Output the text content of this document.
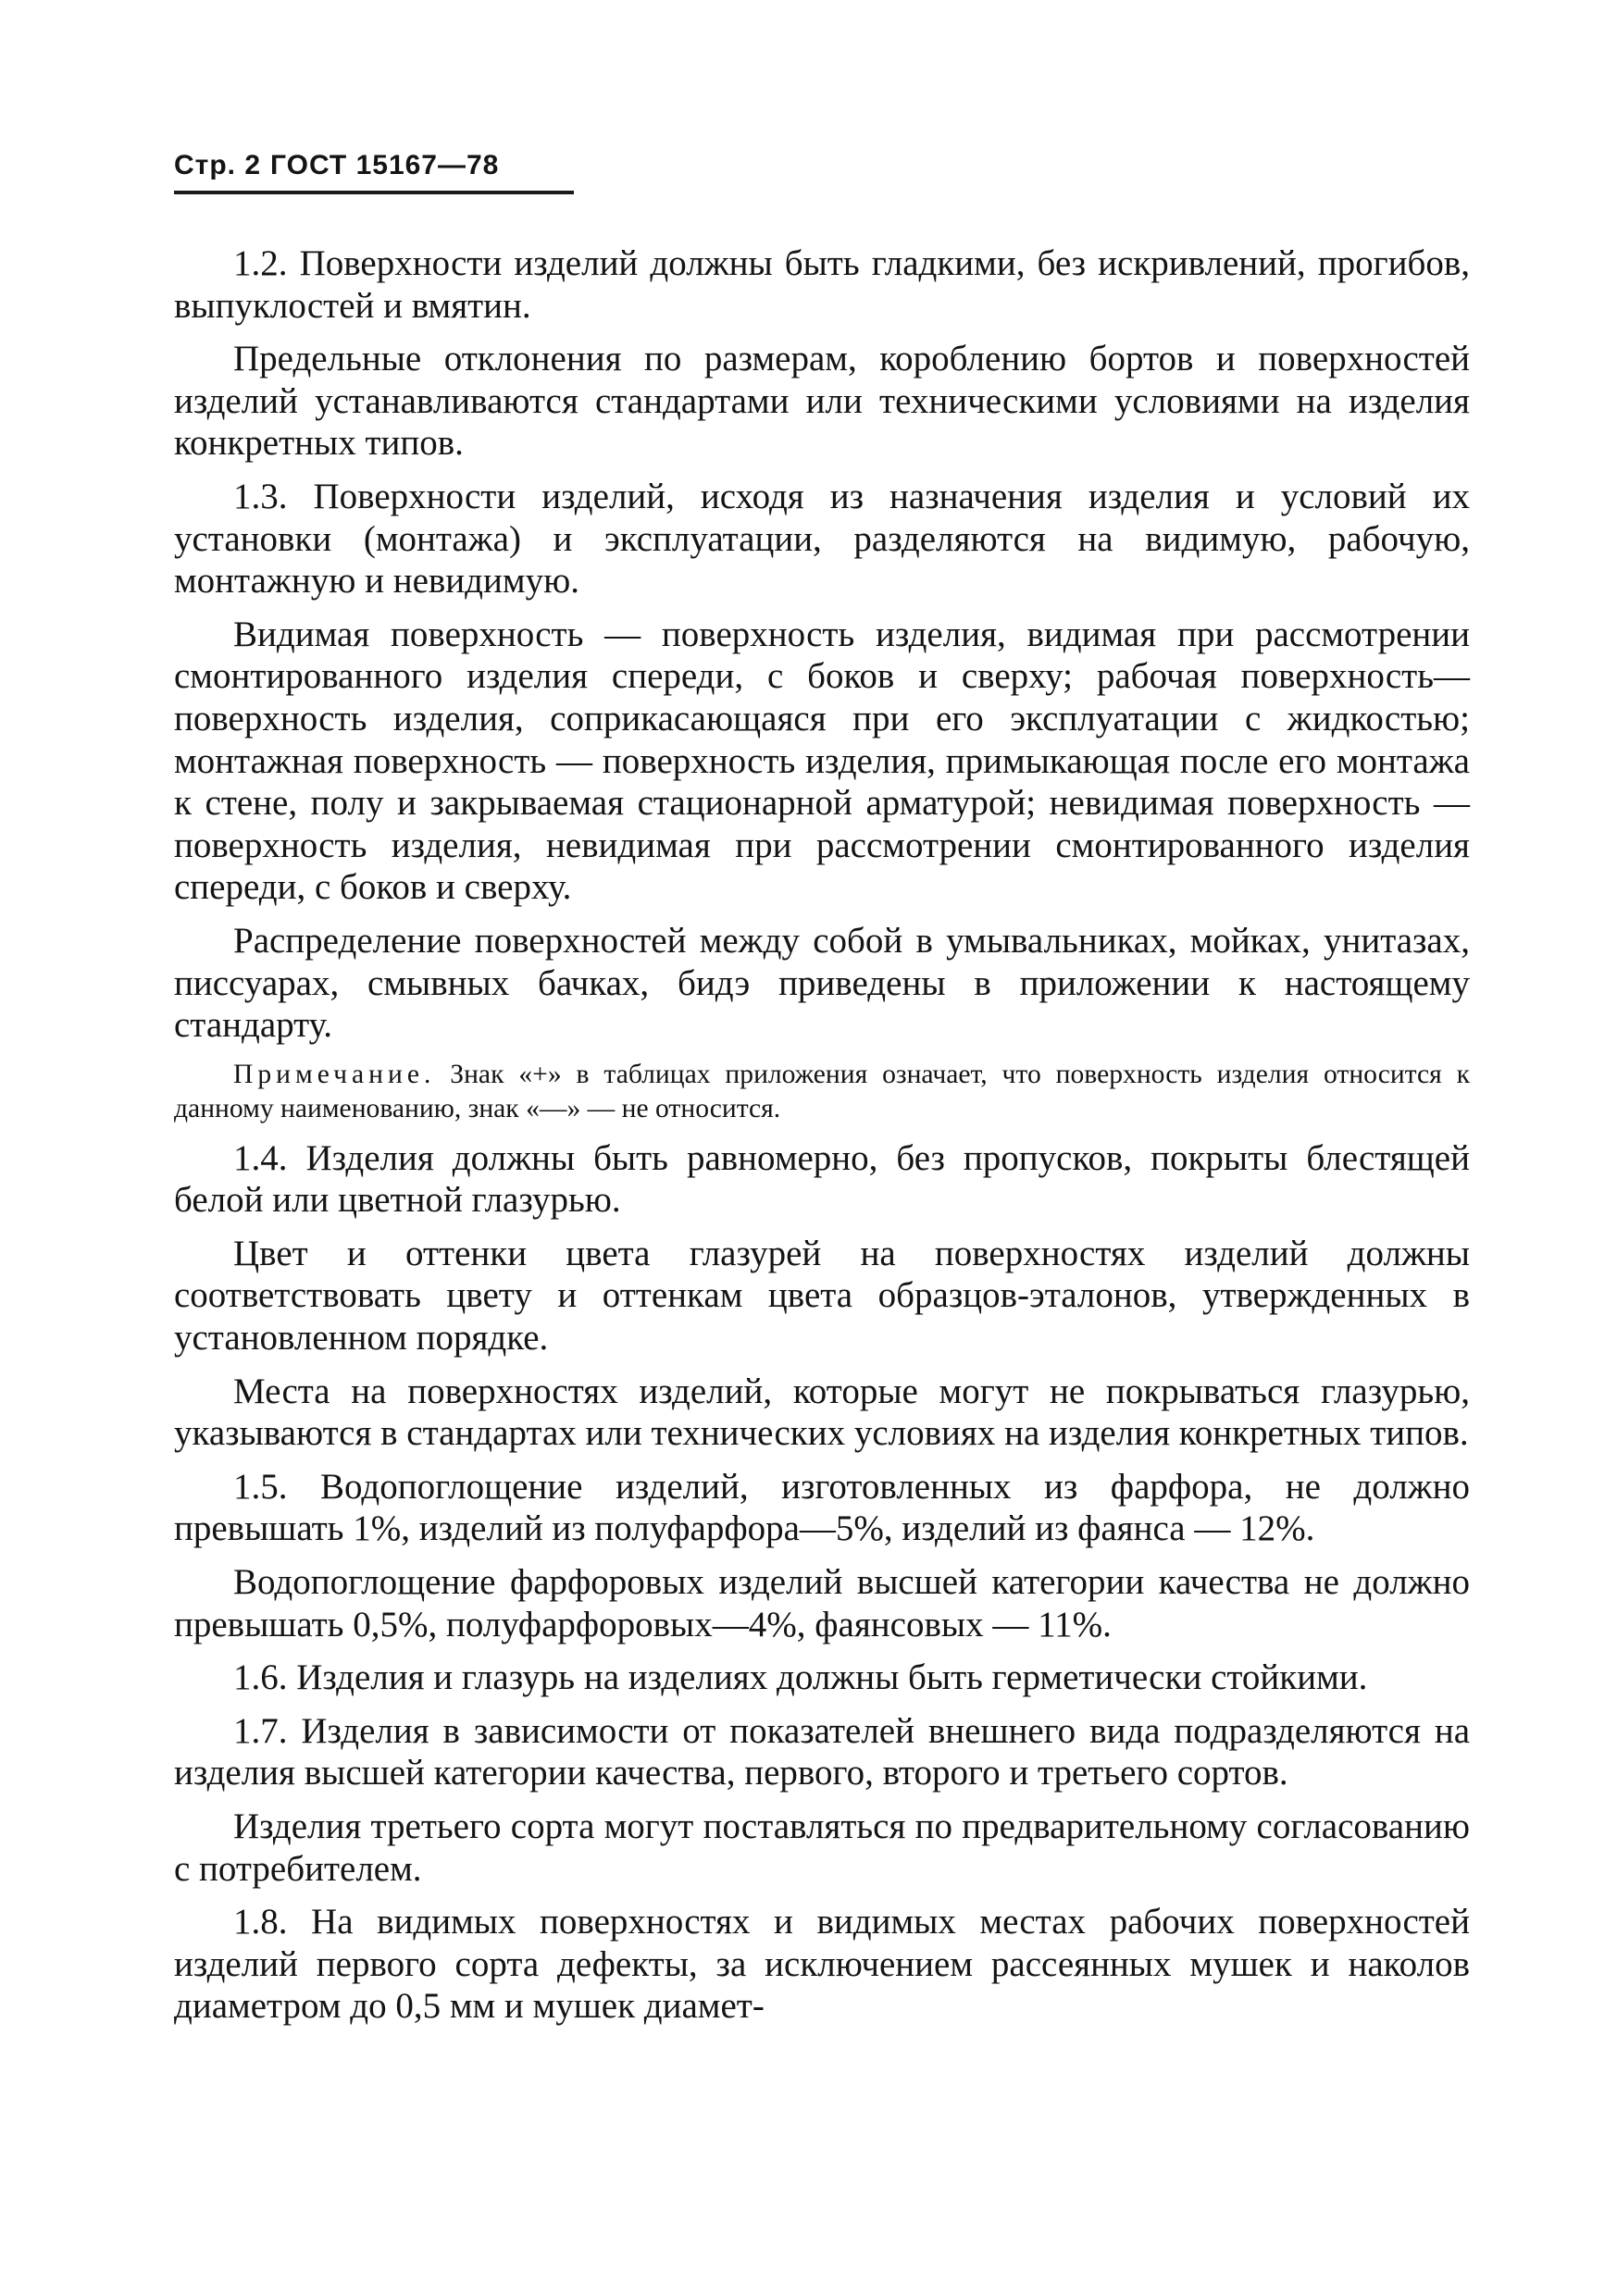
Стр. 2 ГОСТ 15167—78

1.2. Поверхности изделий должны быть гладкими, без искривлений, прогибов, выпуклостей и вмятин.

Предельные отклонения по размерам, короблению бортов и поверхностей изделий устанавливаются стандартами или техническими условиями на изделия конкретных типов.

1.3. Поверхности изделий, исходя из назначения изделия и условий их установки (монтажа) и эксплуатации, разделяются на видимую, рабочую, монтажную и невидимую.

Видимая поверхность — поверхность изделия, видимая при рассмотрении смонтированного изделия спереди, с боков и сверху; рабочая поверхность—поверхность изделия, соприкасающаяся при его эксплуатации с жидкостью; монтажная поверхность — поверхность изделия, примыкающая после его монтажа к стене, полу и закрываемая стационарной арматурой; невидимая поверхность — поверхность изделия, невидимая при рассмотрении смонтированного изделия спереди, с боков и сверху.

Распределение поверхностей между собой в умывальниках, мойках, унитазах, писсуарах, смывных бачках, бидэ приведены в приложении к настоящему стандарту.

Примечание. Знак «+» в таблицах приложения означает, что поверхность изделия относится к данному наименованию, знак «—» — не относится.

1.4. Изделия должны быть равномерно, без пропусков, покрыты блестящей белой или цветной глазурью.

Цвет и оттенки цвета глазурей на поверхностях изделий должны соответствовать цвету и оттенкам цвета образцов-эталонов, утвержденных в установленном порядке.

Места на поверхностях изделий, которые могут не покрываться глазурью, указываются в стандартах или технических условиях на изделия конкретных типов.

1.5. Водопоглощение изделий, изготовленных из фарфора, не должно превышать 1%, изделий из полуфарфора—5%, изделий из фаянса — 12%.

Водопоглощение фарфоровых изделий высшей категории качества не должно превышать 0,5%, полуфарфоровых—4%, фаянсовых — 11%.

1.6. Изделия и глазурь на изделиях должны быть герметически стойкими.

1.7. Изделия в зависимости от показателей внешнего вида подразделяются на изделия высшей категории качества, первого, второго и третьего сортов.

Изделия третьего сорта могут поставляться по предварительному согласованию с потребителем.

1.8. На видимых поверхностях и видимых местах рабочих поверхностей изделий первого сорта дефекты, за исключением рассеянных мушек и наколов диаметром до 0,5 мм и мушек диамет-
